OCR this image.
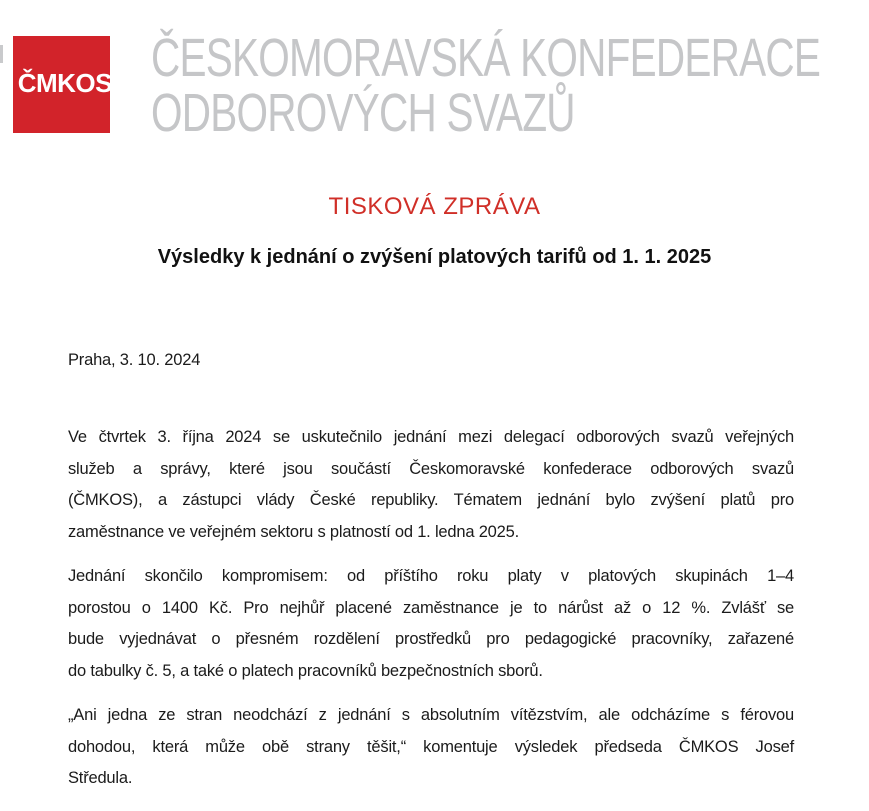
ČMKOS ČESKOMORAVSKÁ KONFEDERACE
ODBOROVÝCH SVAZŮ
TISKOVÁ ZPRÁVA
Výsledky k jednání o zvýšení platových tarifů od 1. 1. 2025
Praha, 3. 10. 2024
Ve čtvrtek 3. října 2024 se uskutečnilo jednání mezi delegací odborových svazů veřejných
služeb a správy, které jsou součástí Českomoravské konfederace odborových svazů
(ČMKOS), a zástupci vlády České republiky. Tématem jednání bylo zvýšení platů pro
zaměstnance ve veřejném sektoru s platností od 1. ledna 2025.
Jednání skončilo kompromisem: od příštího roku platy v platových skupinách 1–4
porostou o 1400 Kč. Pro nejhůř placené zaměstnance je to nárůst až o 12 %. Zvlášť se
bude vyjednávat o přesném rozdělení prostředků pro pedagogické pracovníky, zařazené
do tabulky č. 5, a také o platech pracovníků bezpečnostních sborů.
„Ani jedna ze stran neodchází z jednání s absolutním vítězstvím, ale odcházíme s férovou
dohodou, která může obě strany těšit,“ komentuje výsledek předseda ČMKOS Josef
Středula.
